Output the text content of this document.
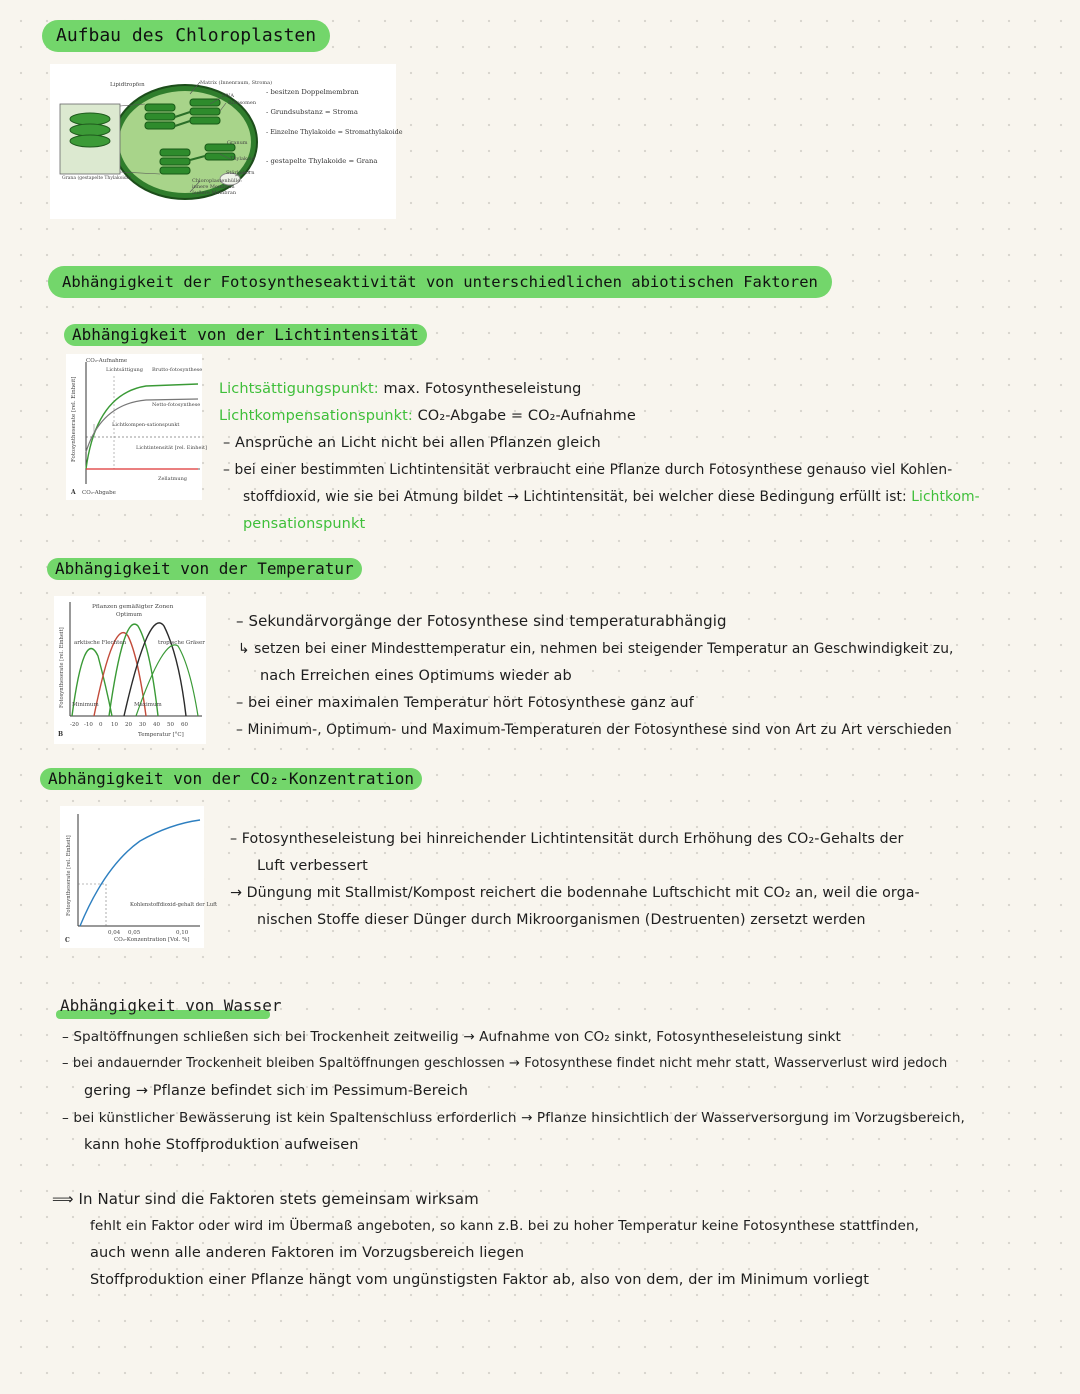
Aufbau des Chloroplasten
Lipidtropfen	Matrix (Innenraum, Stroma)
DNA
Ribosomen
Granum
Thylakoid
Stärkekorn
Chloroplastenhülle:
innere Membran
äußere Membran
Grana (gestapelte Thylakoide)
- besitzen Doppelmembran
- Grundsubstanz = Stroma
- Einzelne Thylakoide = Stromathylakoide
- gestapelte Thylakoide = Grana
Abhängigkeit der Fotosyntheseaktivität von unterschiedlichen abiotischen Faktoren
Abhängigkeit von der Lichtintensität
Fotosyntheserate [rel. Einheit]
CO₂-Aufnahme
Lichtsättigung Brutto-fotosynthese
Netto-fotosynthese
Lichtkompen-sationspunkt
Lichtintensität [rel. Einheit]
Zellatmung
A CO₂-Abgabe
Lichtsättigungspunkt: max. Fotosyntheseleistung
Lichtkompensationspunkt: CO₂-Abgabe = CO₂-Aufnahme
– Ansprüche an Licht nicht bei allen Pflanzen gleich
– bei einer bestimmten Lichtintensität verbraucht eine Pflanze durch Fotosynthese genauso viel Kohlen-
stoffdioxid, wie sie bei Atmung bildet → Lichtintensität, bei welcher diese Bedingung erfüllt ist: Lichtkom-
pensationspunkt
Abhängigkeit von der Temperatur
Pflanzen gemäßigter Zonen
Optimum
arktische Flechten	tropische Gräser
Minimum	Maximum
Fotosyntheserate [rel. Einheit]
-20 -10 0 10 20 30 40 50 60
Temperatur [°C]
B
– Sekundärvorgänge der Fotosynthese sind temperaturabhängig
↳ setzen bei einer Mindesttemperatur ein, nehmen bei steigender Temperatur an Geschwindigkeit zu,
nach Erreichen eines Optimums wieder ab
– bei einer maximalen Temperatur hört Fotosynthese ganz auf
– Minimum-, Optimum- und Maximum-Temperaturen der Fotosynthese sind von Art zu Art verschieden
Abhängigkeit von der CO₂-Konzentration
Fotosyntheserate [rel. Einheit]	Kohlenstoffdioxid-gehalt der Luft
0,04 0,05	0,10
CO₂-Konzentration [Vol. %]
C
– Fotosyntheseleistung bei hinreichender Lichtintensität durch Erhöhung des CO₂-Gehalts der
Luft verbessert
→ Düngung mit Stallmist/Kompost reichert die bodennahe Luftschicht mit CO₂ an, weil die orga-
nischen Stoffe dieser Dünger durch Mikroorganismen (Destruenten) zersetzt werden
Abhängigkeit von Wasser
– Spaltöffnungen schließen sich bei Trockenheit zeitweilig → Aufnahme von CO₂ sinkt, Fotosyntheseleistung sinkt
– bei andauernder Trockenheit bleiben Spaltöffnungen geschlossen → Fotosynthese findet nicht mehr statt, Wasserverlust wird jedoch
gering → Pflanze befindet sich im Pessimum-Bereich
– bei künstlicher Bewässerung ist kein Spaltenschluss erforderlich → Pflanze hinsichtlich der Wasserversorgung im Vorzugsbereich,
kann hohe Stoffproduktion aufweisen
⟹ In Natur sind die Faktoren stets gemeinsam wirksam
fehlt ein Faktor oder wird im Übermaß angeboten, so kann z.B. bei zu hoher Temperatur keine Fotosynthese stattfinden,
auch wenn alle anderen Faktoren im Vorzugsbereich liegen
Stoffproduktion einer Pflanze hängt vom ungünstigsten Faktor ab, also von dem, der im Minimum vorliegt
